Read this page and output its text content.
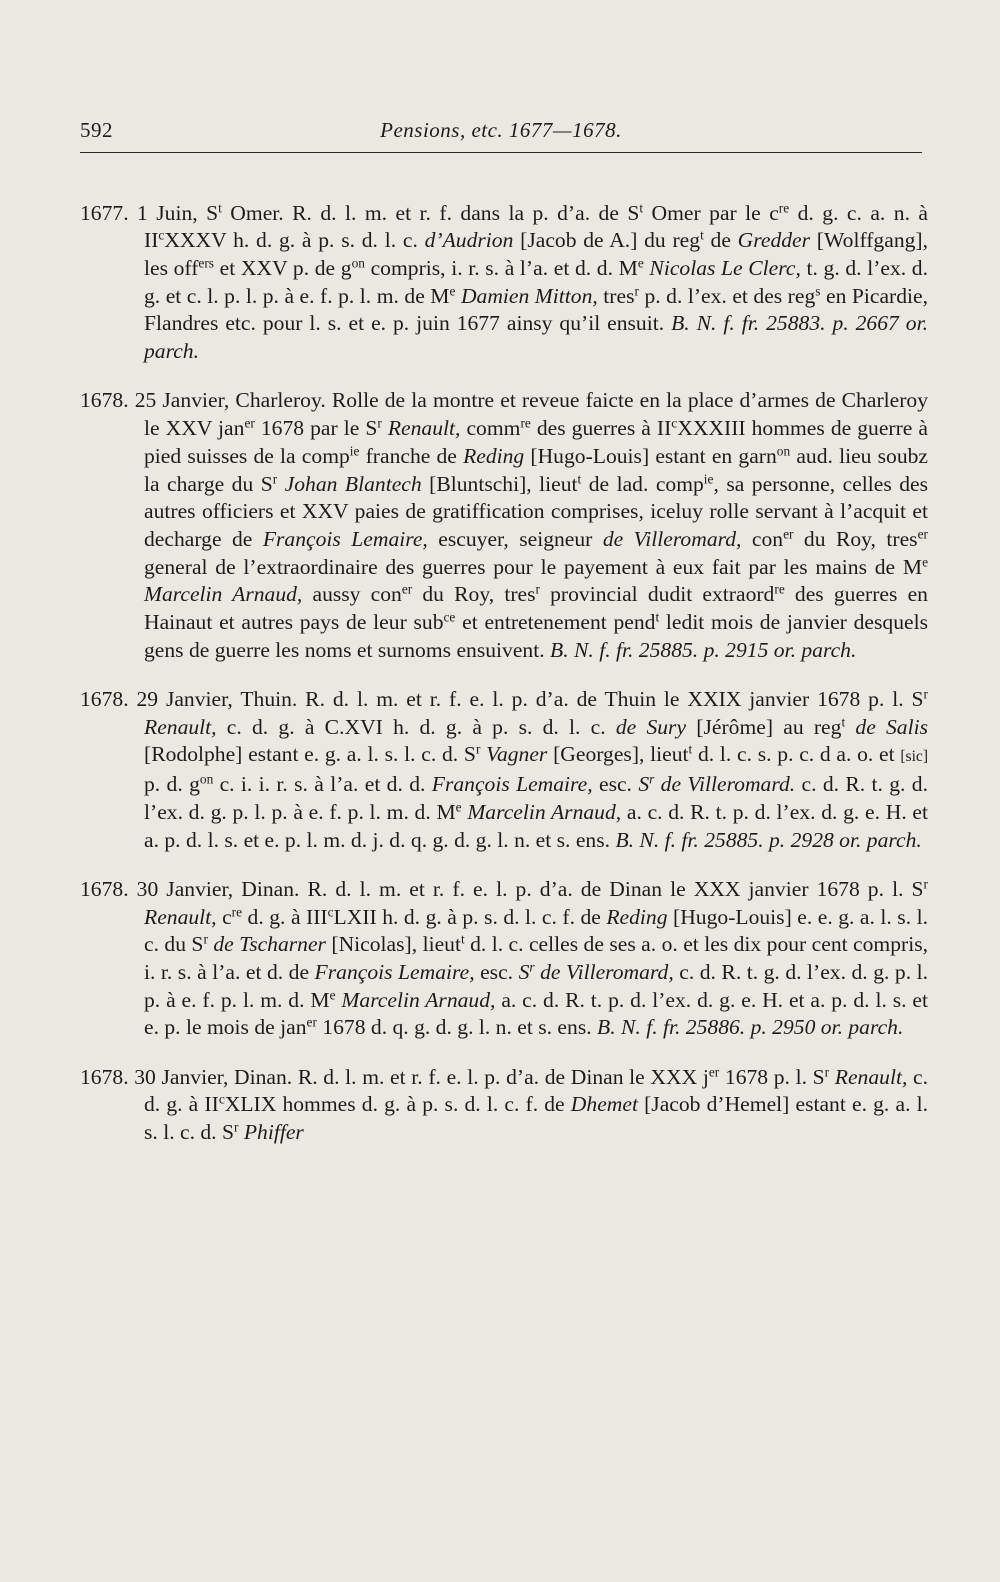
592	Pensions, etc. 1677—1678.

1677. 1 Juin, $S^t$ Omer. R. d. l. m. et r. f. dans la p. d’a. de $S^t$ Omer par le $c^{re}$ d. g. c. a. n. à $II^cXXXV$ h. d. g. à p. s. d. l. c. d’Audrion [Jacob de A.] du reg$^t$ de Gredder [Wolffgang], les off$^{ers}$ et XXV p. de $g^{on}$ compris, i. r. s. à l’a. et d. d. Me Nicolas Le Clerc, t. g. d. l’ex. d. g. et c. l. p. l. p. à e. f. p. l. m. de Me Damien Mitton, tres$^r$ p. d. l’ex. et des reg$^s$ en Picardie, Flandres etc. pour l. s. et e. p. juin 1677 ainsy qu’il ensuit. B. N. f. fr. 25883. p. 2667 or. parch.

1678. 25 Janvier, Charleroy. Rolle de la montre et reveue faicte en la place d’armes de Charleroy le XXV jan$^{er}$ 1678 par le $S^r$ Renault, comm$^{re}$ des guerres à $II^cXXXIII$ hommes de guerre à pied suisses de la comp$^{ie}$ franche de Reding [Hugo-Louis] estant en garn$^{on}$ aud. lieu soubz la charge du $S^r$ Johan Blantech [Bluntschi], lieut$^t$ de lad. comp$^{ie}$, sa personne, celles des autres officiers et XXV paies de gratiffication comprises, iceluy rolle servant à l’acquit et decharge de François Lemaire, escuyer, seigneur de Villeromard, con$^{er}$ du Roy, tres$^{er}$ general de l’extraordinaire des guerres pour le payement à eux fait par les mains de Me Marcelin Arnaud, aussy con$^{er}$ du Roy, tres$^r$ provincial dudit extraord$^{re}$ des guerres en Hainaut et autres pays de leur sub$^{ce}$ et entretenement pend$^t$ ledit mois de janvier desquels gens de guerre les noms et surnoms ensuivent. B. N. f. fr. 25885. p. 2915 or. parch.

1678. 29 Janvier, Thuin. R. d. l. m. et r. f. e. l. p. d’a. de Thuin le XXIX janvier 1678 p. l. $S^r$ Renault, c. d. g. à C.XVI h. d. g. à p. s. d. l. c. de Sury [Jérôme] au reg$^t$ de Salis [Rodolphe] estant e. g. a. l. s. l. c. d. $S^r$ Vagner [Georges], lieut$^t$ d. l. c. s. p. c. d a. o. et [sic] p. d. $g^{on}$ c. i. i. r. s. à l’a. et d. d. François Lemaire, esc. $S^r$ de Villeromard. c. d. R. t. g. d. l’ex. d. g. p. l. p. à e. f. p. l. m. d. Me Marcelin Arnaud, a. c. d. R. t. p. d. l’ex. d. g. e. H. et a. p. d. l. s. et e. p. l. m. d. j. d. q. g. d. g. l. n. et s. ens. B. N. f. fr. 25885. p. 2928 or. parch.

1678. 30 Janvier, Dinan. R. d. l. m. et r. f. e. l. p. d’a. de Dinan le XXX janvier 1678 p. l. $S^r$ Renault, $c^{re}$ d. g. à III$^c$LXII h. d. g. à p. s. d. l. c. f. de Reding [Hugo-Louis] e. e. g. a. l. s. l. c. du $S^r$ de Tscharner [Nicolas], lieut$^t$ d. l. c. celles de ses a. o. et les dix pour cent compris, i. r. s. à l’a. et d. de François Lemaire, esc. $S^r$ de Villeromard, c. d. R. t. g. d. l’ex. d. g. p. l. p. à e. f. p. l. m. d. Me Marcelin Arnaud, a. c. d. R. t. p. d. l’ex. d. g. e. H. et a. p. d. l. s. et e. p. le mois de jan$^{er}$ 1678 d. q. g. d. g. l. n. et s. ens. B. N. f. fr. 25886. p. 2950 or. parch.

1678. 30 Janvier, Dinan. R. d. l. m. et r. f. e. l. p. d’a. de Dinan le XXX $j^{er}$ 1678 p. l. $S^r$ Renault, c. d. g. à $II^cXLIX$ hommes d. g. à p. s. d. l. c. f. de Dhemet [Jacob d’Hemel] estant e. g. a. l. s. l. c. d. $S^r$ Phiffer
